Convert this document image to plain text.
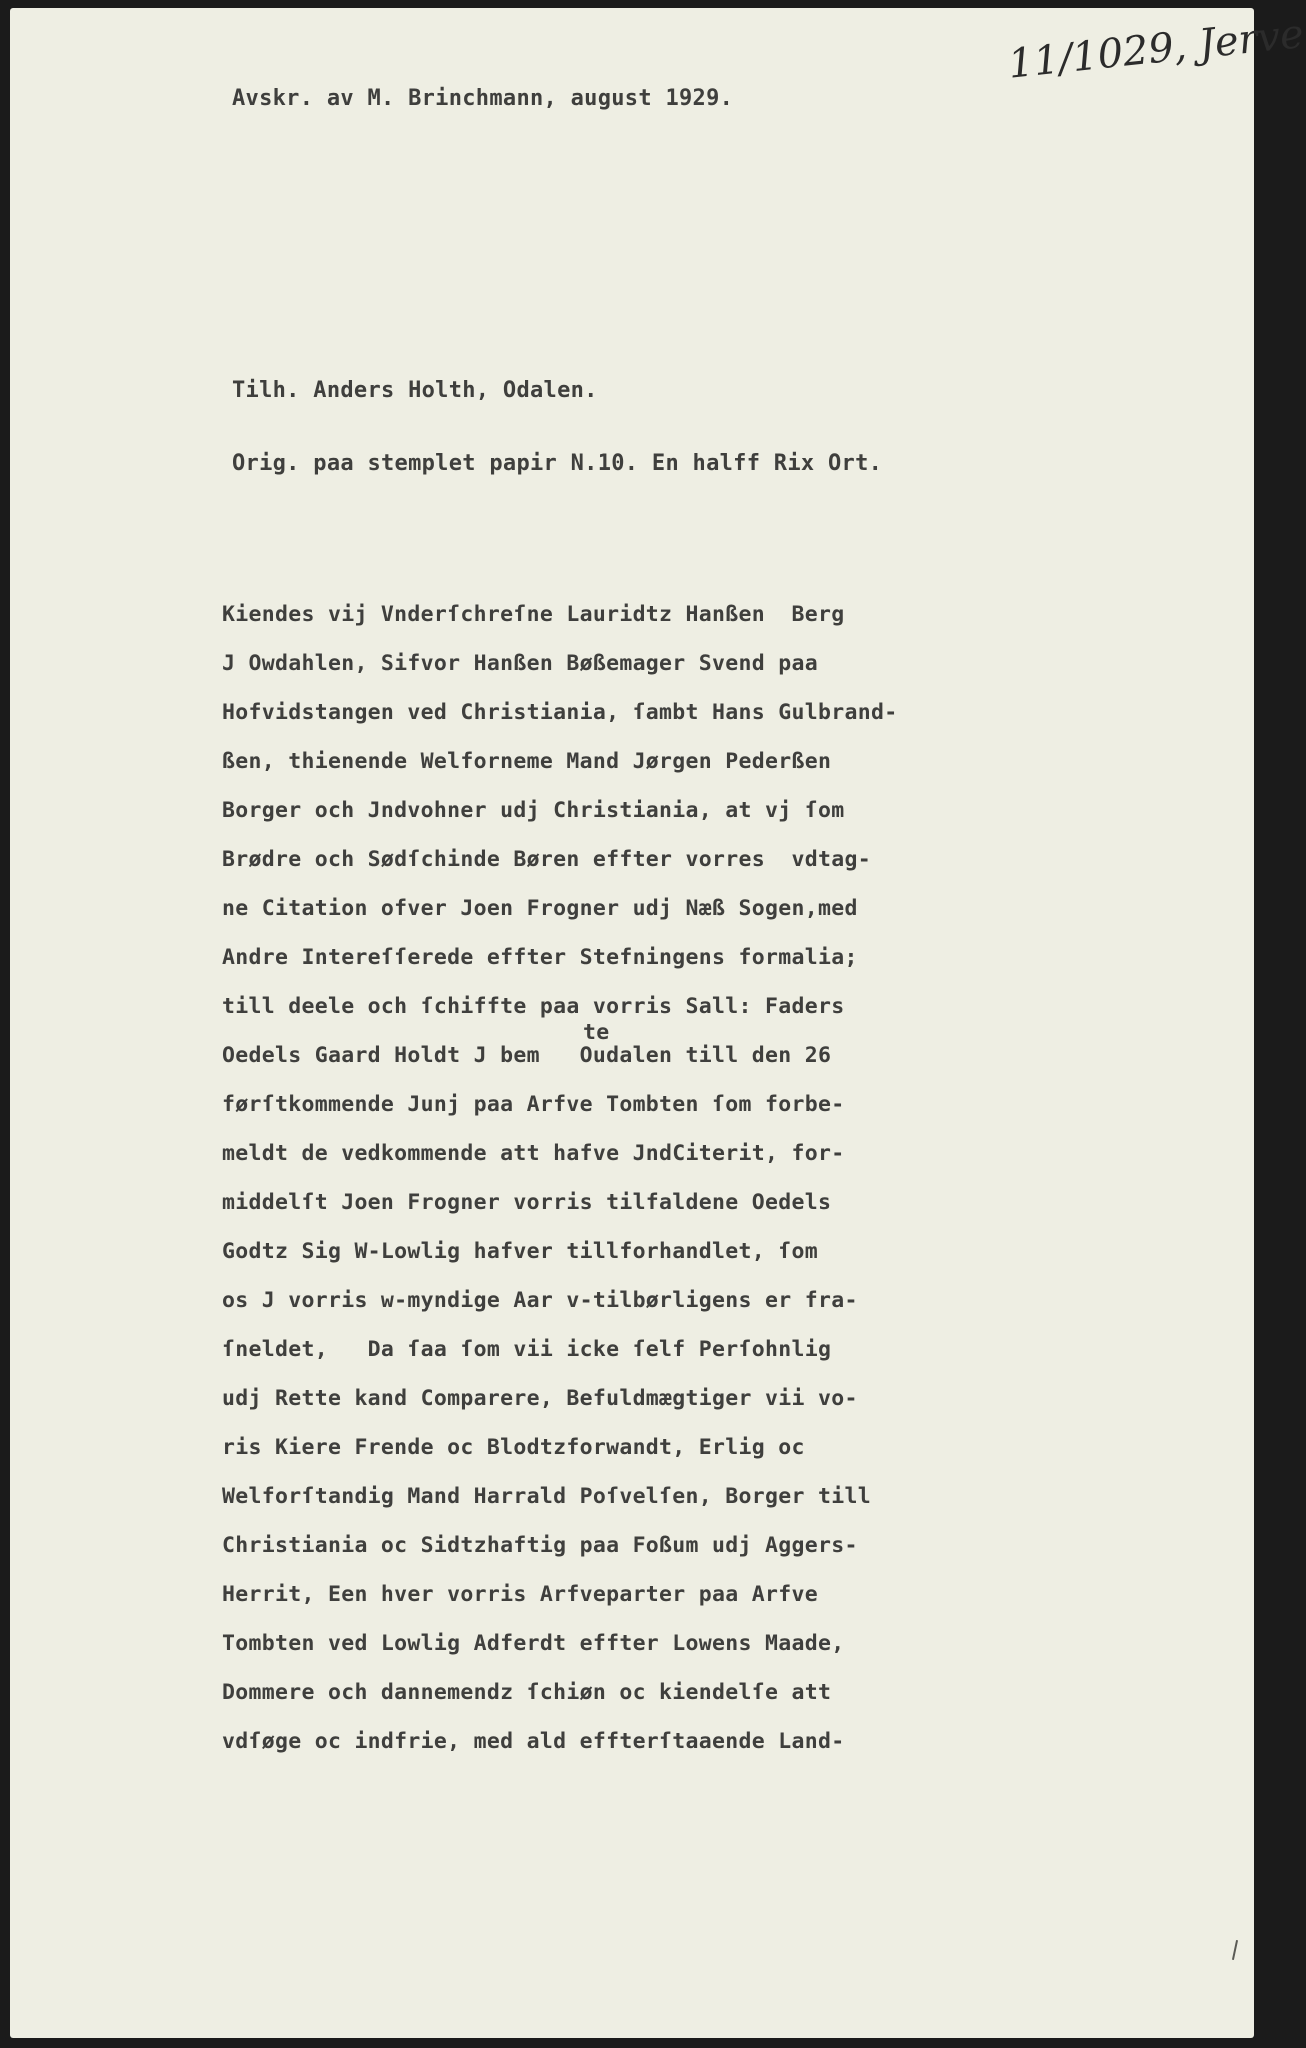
Avskr. av M. Brinchmann, august 1929.
11/1029, Jerve
Tilh. Anders Holth, Odalen.
Orig. paa stemplet papir N.10. En halff Rix Ort.
te
Kiendes vij Vnderſchreſne Lauridtz Hanßen  Berg
J Owdahlen, Sifvor Hanßen Bøßemager Svend paa
Hofvidstangen ved Christiania, ſambt Hans Gulbrand-
ßen, thienende Welforneme Mand Jørgen Pederßen
Borger och Jndvohner udj Christiania, at vj ſom
Brødre och Sødſchinde Børen effter vorres  vdtag-
ne Citation ofver Joen Frogner udj Næß Sogen,med
Andre Intereſſerede effter Stefningens formalia;
till deele och ſchiffte paa vorris Sall: Faders
Oedels Gaard Holdt J bem   Oudalen till den 26
førſtkommende Junj paa Arfve Tombten ſom forbe-
meldt de vedkommende att hafve JndCiterit, for-
middelſt Joen Frogner vorris tilfaldene Oedels
Godtz Sig W-Lowlig hafver tillforhandlet, ſom
os J vorris w-myndige Aar v-tilbørligens er fra-
ſneldet,   Da ſaa ſom vii icke ſelf Perſohnlig
udj Rette kand Comparere, Befuldmægtiger vii vo-
ris Kiere Frende oc Blodtzforwandt, Erlig oc
Welforſtandig Mand Harrald Poſvelſen, Borger till
Christiania oc Sidtzhaftig paa Foßum udj Aggers-
Herrit, Een hver vorris Arfveparter paa Arfve
Tombten ved Lowlig Adferdt effter Lowens Maade,
Dommere och dannemendz ſchiøn oc kiendelſe att
vdſøge oc indfrie, med ald effterſtaaende Land-
